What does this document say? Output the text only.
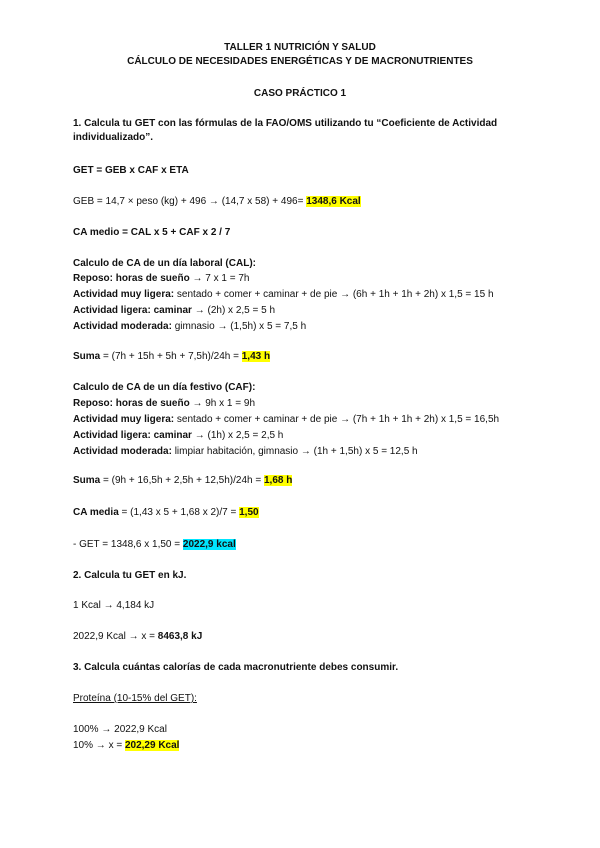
TALLER 1 NUTRICIÓN Y SALUD
CÁLCULO DE NECESIDADES ENERGÉTICAS Y DE MACRONUTRIENTES
CASO PRÁCTICO 1
1. Calcula tu GET con las fórmulas de la FAO/OMS utilizando tu “Coeficiente de Actividad
individualizado”.
GET = GEB x CAF x ETA
GEB = 14,7 × peso (kg) + 496 → (14,7 x 58) + 496= 1348,6 Kcal
CA medio = CAL x 5 + CAF x 2 / 7
Calculo de CA de un día laboral (CAL):
Reposo: horas de sueño → 7 x 1 = 7h
Actividad muy ligera: sentado + comer + caminar + de pie → (6h + 1h + 1h + 2h) x 1,5 = 15 h
Actividad ligera: caminar → (2h) x 2,5 = 5 h
Actividad moderada: gimnasio → (1,5h) x 5 = 7,5 h
Suma = (7h + 15h + 5h + 7,5h)/24h = 1,43 h
Calculo de CA de un día festivo (CAF):
Reposo: horas de sueño → 9h x 1 = 9h
Actividad muy ligera: sentado + comer + caminar + de pie → (7h + 1h + 1h + 2h) x 1,5 = 16,5h
Actividad ligera: caminar → (1h) x 2,5 = 2,5 h
Actividad moderada: limpiar habitación, gimnasio → (1h + 1,5h) x 5 = 12,5 h
Suma = (9h + 16,5h + 2,5h + 12,5h)/24h = 1,68 h
CA media = (1,43 x 5 + 1,68 x 2)/7 = 1,50
- GET = 1348,6 x 1,50 = 2022,9 kcal
2. Calcula tu GET en kJ.
1 Kcal → 4,184 kJ
2022,9 Kcal → x = 8463,8 kJ
3. Calcula cuántas calorías de cada macronutriente debes consumir.
Proteína (10-15% del GET):
100% → 2022,9 Kcal
10% → x = 202,29 Kcal
